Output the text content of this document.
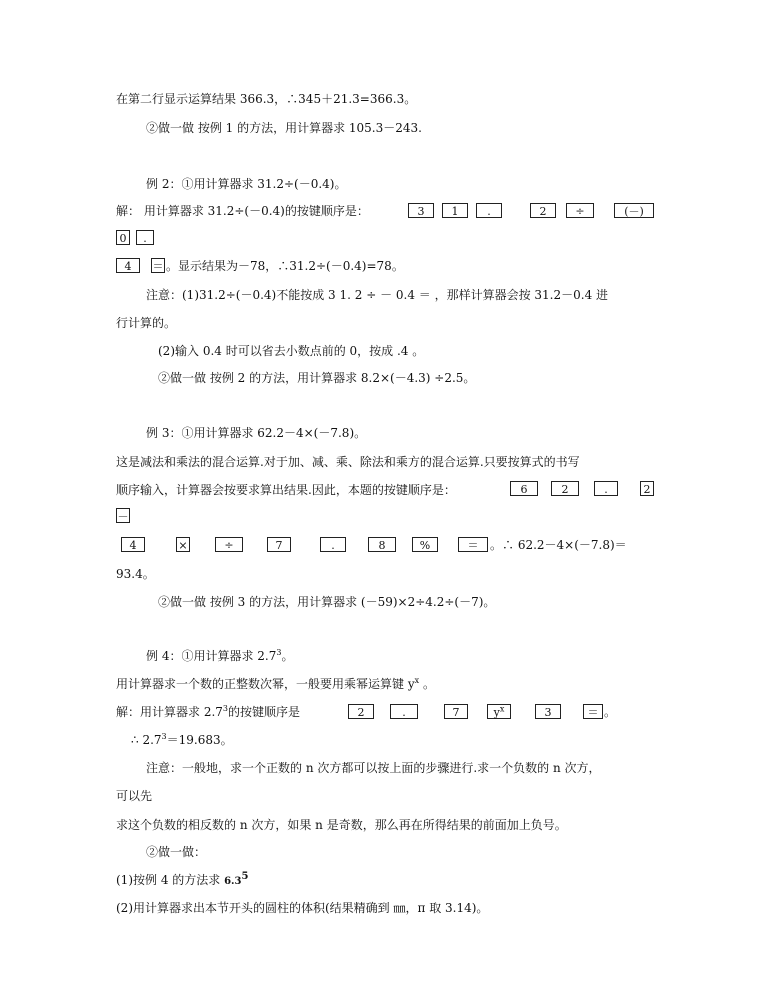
在第二行显示运算结果 366.3，∴345＋21.3=366.3。
②做一做 按例 1 的方法，用计算器求 105.3－243.
例 2：①用计算器求 31.2÷(－0.4)。
解： 用计算器求 31.2÷(－0.4)的按键顺序是：	3	1	.	2	÷	(－)
0	.
4	＝ 。显示结果为－78，∴31.2÷(－0.4)=78。
注意：(1)31.2÷(－0.4)不能按成 3 1. 2 ÷ － 0.4 ＝ ，那样计算器会按 31.2－0.4 进
行计算的。
(2)输入 0.4 时可以省去小数点前的 0，按成 .4 。
②做一做 按例 2 的方法，用计算器求 8.2×(－4.3) ÷2.5。
例 3：①用计算器求 62.2－4×(－7.8)。
这是减法和乘法的混合运算.对于加、减、乘、除法和乘方的混合运算.只要按算式的书写
顺序输入，计算器会按要求算出结果.因此，本题的按键顺序是：	6	2	.	2
－
4	×	÷	7	.	8	%	＝ 。∴ 62.2－4×(－7.8)＝
93.4。
②做一做 按例 3 的方法，用计算器求 (－59)×2÷4.2÷(－7)。
例 4：①用计算器求 $2.7^3$。
用计算器求一个数的正整数次幂，一般要用乘幂运算键 $y^x$ 。
解：用计算器求 $2.7^3$的按键顺序是	2	.	7	$y^x$	3	＝ 。
∴ $2.7^3=19.683$。
注意：一般地，求一个正数的 n 次方都可以按上面的步骤进行.求一个负数的 n 次方，
可以先
求这个负数的相反数的 n 次方，如果 n 是奇数，那么再在所得结果的前面加上负号。
②做一做：
(1)按例 4 的方法求 $6.3^5$
(2)用计算器求出本节开头的圆柱的体积(结果精确到 ㎜，π 取 3.14)。
